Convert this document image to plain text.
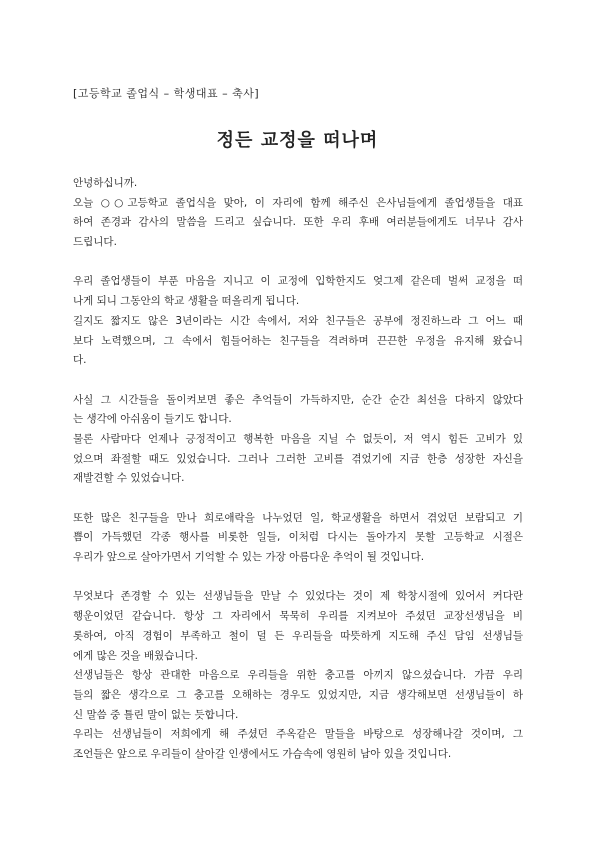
[고등학교 졸업식 – 학생대표 – 축사]
정든 교정을 떠나며
안녕하십니까.
오늘 ○○고등학교 졸업식을 맞아, 이 자리에 함께 해주신 은사님들에게 졸업생들을 대표
하여 존경과 감사의 말씀을 드리고 싶습니다. 또한 우리 후배 여러분들에게도 너무나 감사
드립니다.
우리 졸업생들이 부푼 마음을 지니고 이 교정에 입학한지도 엊그제 같은데 벌써 교정을 떠
나게 되니 그동안의 학교 생활을 떠올리게 됩니다.
길지도 짧지도 않은 3년이라는 시간 속에서, 저와 친구들은 공부에 정진하느라 그 어느 때
보다 노력했으며, 그 속에서 힘들어하는 친구들을 격려하며 끈끈한 우정을 유지해 왔습니
다.
사실 그 시간들을 돌이켜보면 좋은 추억들이 가득하지만, 순간 순간 최선을 다하지 않았다
는 생각에 아쉬움이 들기도 합니다.
물론 사람마다 언제나 긍정적이고 행복한 마음을 지닐 수 없듯이, 저 역시 힘든 고비가 있
었으며 좌절할 때도 있었습니다. 그러나 그러한 고비를 겪었기에 지금 한층 성장한 자신을
재발견할 수 있었습니다.
또한 많은 친구들을 만나 희로애락을 나누었던 일, 학교생활을 하면서 겪었던 보람되고 기
쁨이 가득했던 각종 행사를 비롯한 일들, 이처럼 다시는 돌아가지 못할 고등학교 시절은
우리가 앞으로 살아가면서 기억할 수 있는 가장 아름다운 추억이 될 것입니다.
무엇보다 존경할 수 있는 선생님들을 만날 수 있었다는 것이 제 학창시절에 있어서 커다란
행운이었던 같습니다. 항상 그 자리에서 묵묵히 우리를 지켜보아 주셨던 교장선생님을 비
롯하여, 아직 경험이 부족하고 철이 덜 든 우리들을 따뜻하게 지도해 주신 담임 선생님들
에게 많은 것을 배웠습니다.
선생님들은 항상 관대한 마음으로 우리들을 위한 충고를 아끼지 않으셨습니다. 가끔 우리
들의 짧은 생각으로 그 충고를 오해하는 경우도 있었지만, 지금 생각해보면 선생님들이 하
신 말씀 중 틀린 말이 없는 듯합니다.
우리는 선생님들이 저희에게 해 주셨던 주옥같은 말들을 바탕으로 성장해나갈 것이며, 그
조언들은 앞으로 우리들이 살아갈 인생에서도 가슴속에 영원히 남아 있을 것입니다.
